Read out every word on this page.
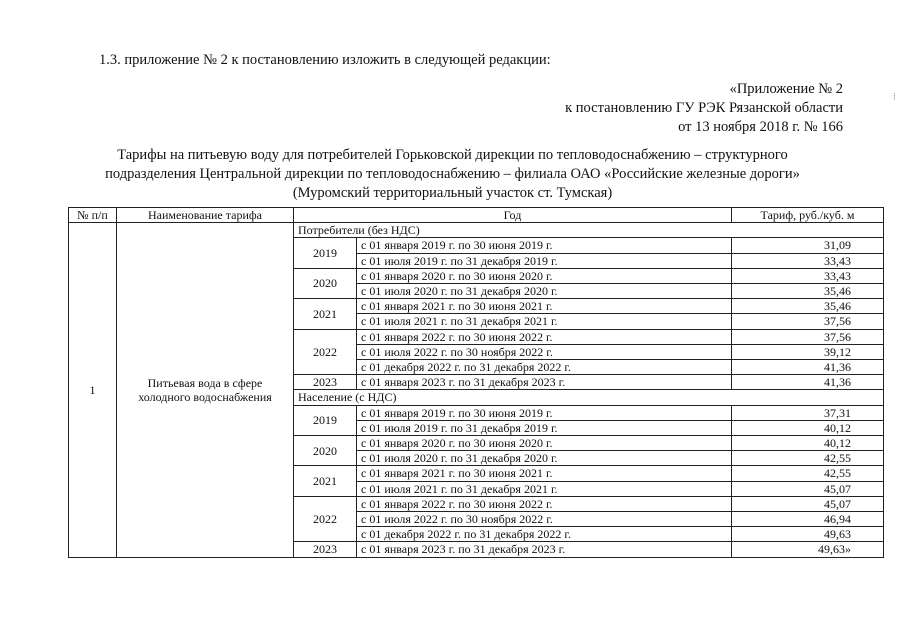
1.3. приложение № 2 к постановлению изложить в следующей редакции:
«Приложение № 2
к постановлению ГУ РЭК Рязанской области
от 13 ноября 2018 г. № 166
Тарифы на питьевую воду для потребителей Горьковской дирекции по тепловодоснабжению – структурного
подразделения Центральной дирекции по тепловодоснабжению – филиала ОАО «Российские железные дороги»
(Муромский территориальный участок ст. Тумская)
№ п/п	Наименование тарифа	Год		Тариф, руб./куб. м
1	Питьевая вода в сфере холодного водоснабжения	Потребители (без НДС)		
		2019	с 01 января 2019 г. по 30 июня 2019 г.	31,09
			с 01 июля 2019 г. по 31 декабря 2019 г.	33,43
		2020	с 01 января 2020 г. по 30 июня 2020 г.	33,43
			с 01 июля 2020 г. по 31 декабря 2020 г.	35,46
		2021	с 01 января 2021 г. по 30 июня 2021 г.	35,46
			с 01 июля 2021 г. по 31 декабря 2021 г.	37,56
		2022	с 01 января 2022 г. по 30 июня 2022 г.	37,56
			с 01 июля 2022 г. по 30 ноября 2022 г.	39,12
			с 01 декабря 2022 г. по 31 декабря 2022 г.	41,36
		2023	с 01 января 2023 г. по 31 декабря 2023 г.	41,36
		Население (с НДС)		
		2019	с 01 января 2019 г. по 30 июня 2019 г.	37,31
			с 01 июля 2019 г. по 31 декабря 2019 г.	40,12
		2020	с 01 января 2020 г. по 30 июня 2020 г.	40,12
			с 01 июля 2020 г. по 31 декабря 2020 г.	42,55
		2021	с 01 января 2021 г. по 30 июня 2021 г.	42,55
			с 01 июля 2021 г. по 31 декабря 2021 г.	45,07
		2022	с 01 января 2022 г. по 30 июня 2022 г.	45,07
			с 01 июля 2022 г. по 30 ноября 2022 г.	46,94
			с 01 декабря 2022 г. по 31 декабря 2022 г.	49,63
		2023	с 01 января 2023 г. по 31 декабря 2023 г.	49,63»
⁞
